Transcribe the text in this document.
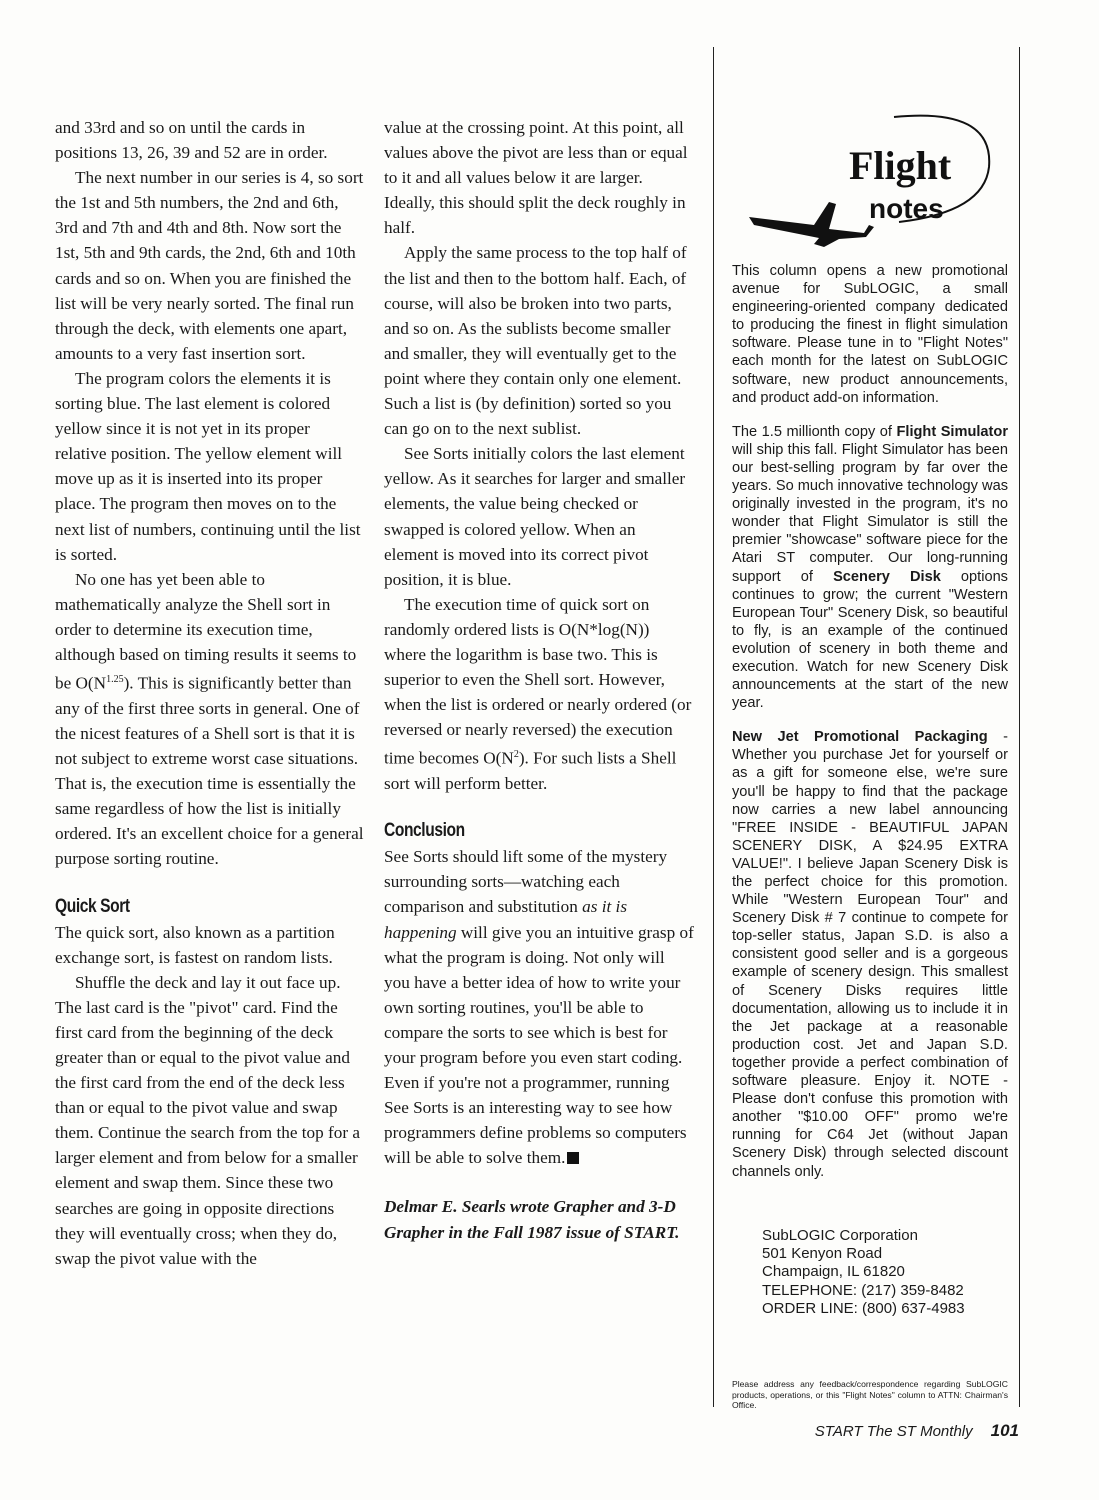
and 33rd and so on until the cards in positions 13, 26, 39 and 52 are in order.

The next number in our series is 4, so sort the 1st and 5th numbers, the 2nd and 6th, 3rd and 7th and 4th and 8th. Now sort the 1st, 5th and 9th cards, the 2nd, 6th and 10th cards and so on. When you are finished the list will be very nearly sorted. The final run through the deck, with elements one apart, amounts to a very fast insertion sort.

The program colors the elements it is sorting blue. The last element is colored yellow since it is not yet in its proper relative position. The yellow element will move up as it is inserted into its proper place. The program then moves on to the next list of numbers, continuing until the list is sorted.

No one has yet been able to mathematically analyze the Shell sort in order to determine its execution time, although based on timing results it seems to be $O(N^{1.25})$. This is significantly better than any of the first three sorts in general. One of the nicest features of a Shell sort is that it is not subject to extreme worst case situations. That is, the execution time is essentially the same regardless of how the list is initially ordered. It's an excellent choice for a general purpose sorting routine.

Quick Sort

The quick sort, also known as a partition exchange sort, is fastest on random lists.

Shuffle the deck and lay it out face up. The last card is the "pivot" card. Find the first card from the beginning of the deck greater than or equal to the pivot value and the first card from the end of the deck less than or equal to the pivot value and swap them. Continue the search from the top for a larger element and from below for a smaller element and swap them. Since these two searches are going in opposite directions they will eventually cross; when they do, swap the pivot value with the

value at the crossing point. At this point, all values above the pivot are less than or equal to it and all values below it are larger. Ideally, this should split the deck roughly in half.

Apply the same process to the top half of the list and then to the bottom half. Each, of course, will also be broken into two parts, and so on. As the sublists become smaller and smaller, they will eventually get to the point where they contain only one element. Such a list is (by definition) sorted so you can go on to the next sublist.

See Sorts initially colors the last element yellow. As it searches for larger and smaller elements, the value being checked or swapped is colored yellow. When an element is moved into its correct pivot position, it is blue.

The execution time of quick sort on randomly ordered lists is O(N*log(N)) where the logarithm is base two. This is superior to even the Shell sort. However, when the list is ordered or nearly ordered (or reversed or nearly reversed) the execution time becomes $O(N^2)$. For such lists a Shell sort will perform better.

Conclusion

See Sorts should lift some of the mystery surrounding sorts—watching each comparison and substitution as it is happening will give you an intuitive grasp of what the program is doing. Not only will you have a better idea of how to write your own sorting routines, you'll be able to compare the sorts to see which is best for your program before you even start coding. Even if you're not a programmer, running See Sorts is an interesting way to see how programmers define problems so computers will be able to solve them.

Delmar E. Searls wrote Grapher and 3-D Grapher in the Fall 1987 issue of START.

Flight
notes

This column opens a new promotional avenue for SubLOGIC, a small engineering-oriented company dedicated to producing the finest in flight simulation software. Please tune in to "Flight Notes" each month for the latest on SubLOGIC software, new product announcements, and product add-on information.

The 1.5 millionth copy of Flight Simulator will ship this fall. Flight Simulator has been our best-selling program by far over the years. So much innovative technology was originally invested in the program, it's no wonder that Flight Simulator is still the premier "showcase" software piece for the Atari ST computer. Our long-running support of Scenery Disk options continues to grow; the current "Western European Tour" Scenery Disk, so beautiful to fly, is an example of the continued evolution of scenery in both theme and execution. Watch for new Scenery Disk announcements at the start of the new year.

New Jet Promotional Packaging - Whether you purchase Jet for yourself or as a gift for someone else, we're sure you'll be happy to find that the package now carries a new label announcing "FREE INSIDE - BEAUTIFUL JAPAN SCENERY DISK, A $24.95 EXTRA VALUE!". I believe Japan Scenery Disk is the perfect choice for this promotion. While "Western European Tour" and Scenery Disk # 7 continue to compete for top-seller status, Japan S.D. is also a consistent good seller and is a gorgeous example of scenery design. This smallest of Scenery Disks requires little documentation, allowing us to include it in the Jet package at a reasonable production cost. Jet and Japan S.D. together provide a perfect combination of software pleasure. Enjoy it. NOTE - Please don't confuse this promotion with another "$10.00 OFF" promo we're running for C64 Jet (without Japan Scenery Disk) through selected discount channels only.

SubLOGIC Corporation
501 Kenyon Road
Champaign, IL 61820
TELEPHONE: (217) 359-8482
ORDER LINE: (800) 637-4983
Please address any feedback/correspondence regarding SubLOGIC products, operations, or this "Flight Notes" column to ATTN: Chairman's Office.
START The ST Monthly 101
